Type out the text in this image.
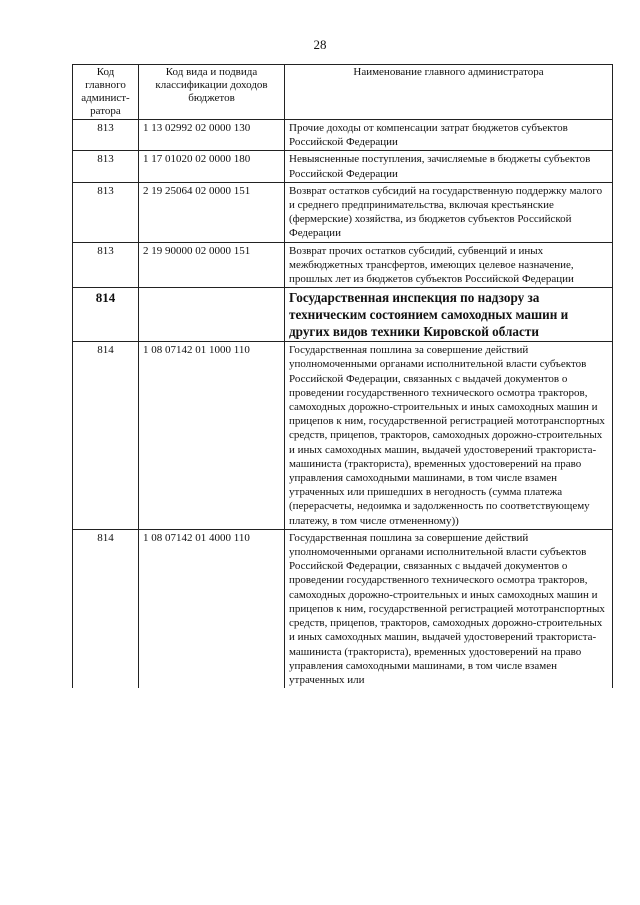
28
Код главного админист-ратора	Код вида и подвида классификации доходов бюджетов	Наименование главного администратора
813	1 13 02992 02 0000 130	Прочие доходы от компенсации затрат бюджетов субъектов Российской Федерации
813	1 17 01020 02 0000 180	Невыясненные поступления, зачисляемые в бюджеты субъектов Российской Федерации
813	2 19 25064 02 0000 151	Возврат остатков субсидий на государственную поддержку малого и среднего предпринимательства, включая крестьянские (фермерские) хозяйства, из бюджетов субъектов Российской Федерации
813	2 19 90000 02 0000 151	Возврат прочих остатков субсидий, субвенций и иных межбюджетных трансфертов, имеющих целевое назначение, прошлых лет из бюджетов субъектов Российской Федерации
814		Государственная инспекция по надзору за техническим состоянием самоходных машин и других видов техники Кировской области
814	1 08 07142 01 1000 110	Государственная пошлина за совершение действий уполномоченными органами исполнительной власти субъектов Российской Федерации, связанных с выдачей документов о проведении государственного технического осмотра тракторов, самоходных дорожно-строительных и иных самоходных машин и прицепов к ним, государственной регистрацией мототранспортных средств, прицепов, тракторов, самоходных дорожно-строительных и иных самоходных машин, выдачей удостоверений тракториста-машиниста (тракториста), временных удостоверений на право управления самоходными машинами, в том числе взамен утраченных или пришедших в негодность (сумма платежа (перерасчеты, недоимка и задолженность по соответствующему платежу, в том числе отмененному))
814	1 08 07142 01 4000 110	Государственная пошлина за совершение действий уполномоченными органами исполнительной власти субъектов Российской Федерации, связанных с выдачей документов о проведении государственного технического осмотра тракторов, самоходных дорожно-строительных и иных самоходных машин и прицепов к ним, государственной регистрацией мототранспортных средств, прицепов, тракторов, самоходных дорожно-строительных и иных самоходных машин, выдачей удостоверений тракториста-машиниста (тракториста), временных удостоверений на право управления самоходными машинами, в том числе взамен утраченных или
